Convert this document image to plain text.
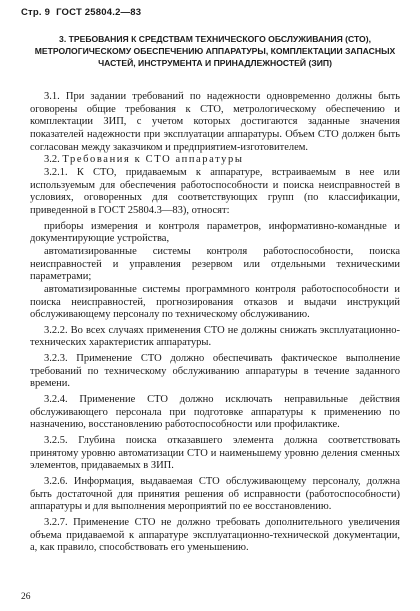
Стр. 9 ГОСТ 25804.2—83
3. ТРЕБОВАНИЯ К СРЕДСТВАМ ТЕХНИЧЕСКОГО ОБСЛУЖИВАНИЯ (СТО), МЕТРОЛОГИЧЕСКОМУ ОБЕСПЕЧЕНИЮ АППАРАТУРЫ, КОМПЛЕКТАЦИИ ЗАПАСНЫХ ЧАСТЕЙ, ИНСТРУМЕНТА И ПРИНАДЛЕЖНОСТЕЙ (ЗИП)

3.1. При задании требований по надежности одновременно должны быть оговорены общие требования к СТО, метрологическому обеспечению и комплектации ЗИП, с учетом которых достигаются заданные значения показателей надежности при эксплуатации аппаратуры. Объем СТО должен быть согласован между заказчиком и предприятием-изготовителем.

3.2. Требования к СТО аппаратуры

3.2.1. К СТО, придаваемым к аппаратуре, встраиваемым в нее или используемым для обеспечения работоспособности и поиска неисправностей в условиях, оговоренных для соответствующих групп (по классификации, приведенной в ГОСТ 25804.3—83), относят:

приборы измерения и контроля параметров, информативно-командные и документирующие устройства,

автоматизированные системы контроля работоспособности, поиска неисправностей и управления резервом или отдельными техническими параметрами;

автоматизированные системы программного контроля работоспособности и поиска неисправностей, прогнозирования отказов и выдачи инструкций обслуживающему персоналу по техническому обслуживанию.

3.2.2. Во всех случаях применения СТО не должны снижать эксплуатационно-технических характеристик аппаратуры.

3.2.3. Применение СТО должно обеспечивать фактическое выполнение требований по техническому обслуживанию аппаратуры в течение заданного времени.

3.2.4. Применение СТО должно исключать неправильные действия обслуживающего персонала при подготовке аппаратуры к применению по назначению, восстановлению работоспособности или профилактике.

3.2.5. Глубина поиска отказавшего элемента должна соответствовать принятому уровню автоматизации СТО и наименьшему уровню деления сменных элементов, придаваемых в ЗИП.

3.2.6. Информация, выдаваемая СТО обслуживающему персоналу, должна быть достаточной для принятия решения об исправности (работоспособности) аппаратуры и для выполнения мероприятий по ее восстановлению.

3.2.7. Применение СТО не должно требовать дополнительного увеличения объема придаваемой к аппаратуре эксплуатационно-технической документации, а, как правило, способствовать его уменьшению.

26
